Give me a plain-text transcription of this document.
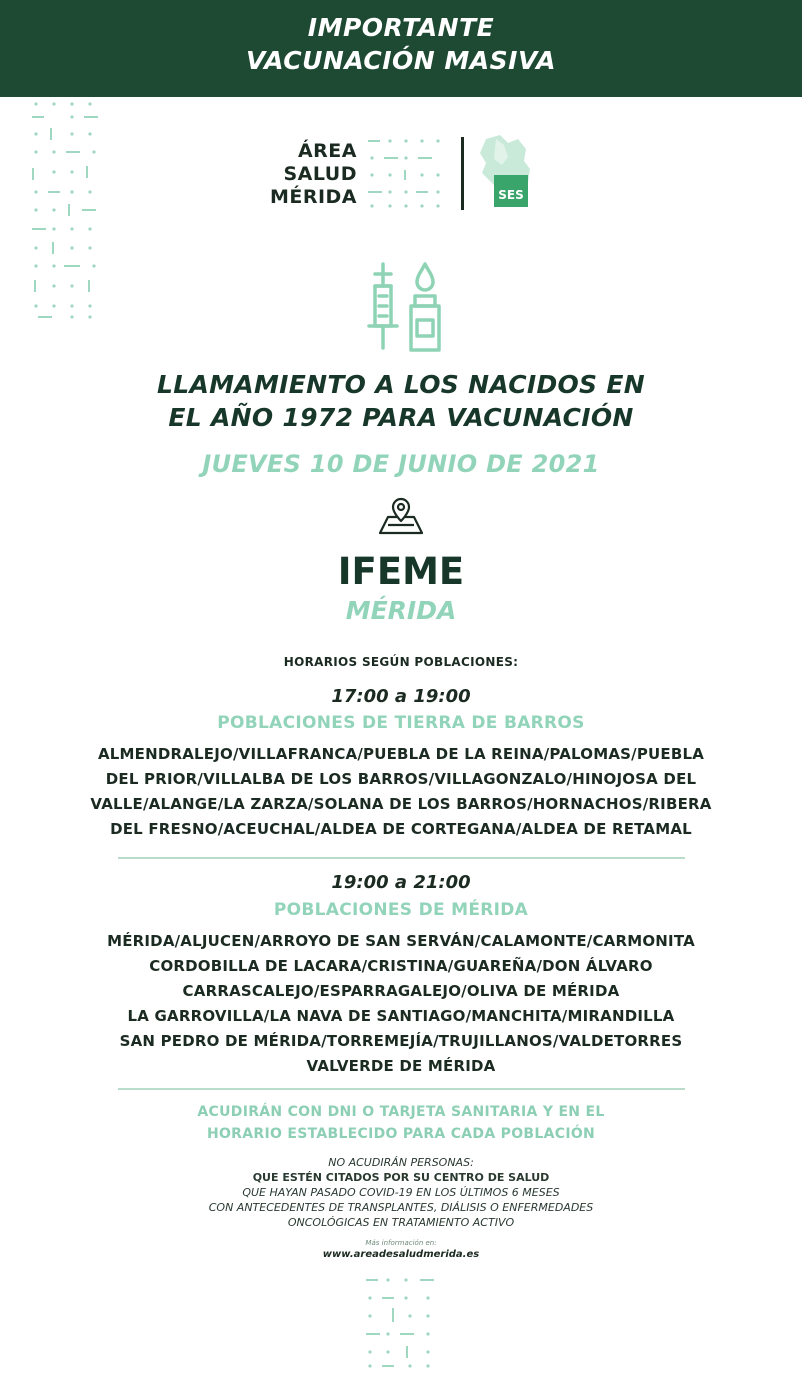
IMPORTANTE
VACUNACIÓN MASIVA
ÁREA
SALUD
MÉRIDA	SES
LLAMAMIENTO A LOS NACIDOS EN
EL AÑO 1972 PARA VACUNACIÓN
JUEVES 10 DE JUNIO DE 2021
IFEME
MÉRIDA
HORARIOS SEGÚN POBLACIONES:
17:00 a 19:00
POBLACIONES DE TIERRA DE BARROS
ALMENDRALEJO/VILLAFRANCA/PUEBLA DE LA REINA/PALOMAS/PUEBLA
DEL PRIOR/VILLALBA DE LOS BARROS/VILLAGONZALO/HINOJOSA DEL
VALLE/ALANGE/LA ZARZA/SOLANA DE LOS BARROS/HORNACHOS/RIBERA
DEL FRESNO/ACEUCHAL/ALDEA DE CORTEGANA/ALDEA DE RETAMAL
19:00 a 21:00
POBLACIONES DE MÉRIDA
MÉRIDA/ALJUCEN/ARROYO DE SAN SERVÁN/CALAMONTE/CARMONITA
CORDOBILLA DE LACARA/CRISTINA/GUAREÑA/DON ÁLVARO
CARRASCALEJO/ESPARRAGALEJO/OLIVA DE MÉRIDA
LA GARROVILLA/LA NAVA DE SANTIAGO/MANCHITA/MIRANDILLA
SAN PEDRO DE MÉRIDA/TORREMEJÍA/TRUJILLANOS/VALDETORRES
VALVERDE DE MÉRIDA
ACUDIRÁN CON DNI O TARJETA SANITARIA Y EN EL
HORARIO ESTABLECIDO PARA CADA POBLACIÓN
NO ACUDIRÁN PERSONAS:
QUE ESTÉN CITADOS POR SU CENTRO DE SALUD
QUE HAYAN PASADO COVID-19 EN LOS ÚLTIMOS 6 MESES
CON ANTECEDENTES DE TRANSPLANTES, DIÁLISIS O ENFERMEDADES
ONCOLÓGICAS EN TRATAMIENTO ACTIVO
Más información en:
www.areadesaludmerida.es
